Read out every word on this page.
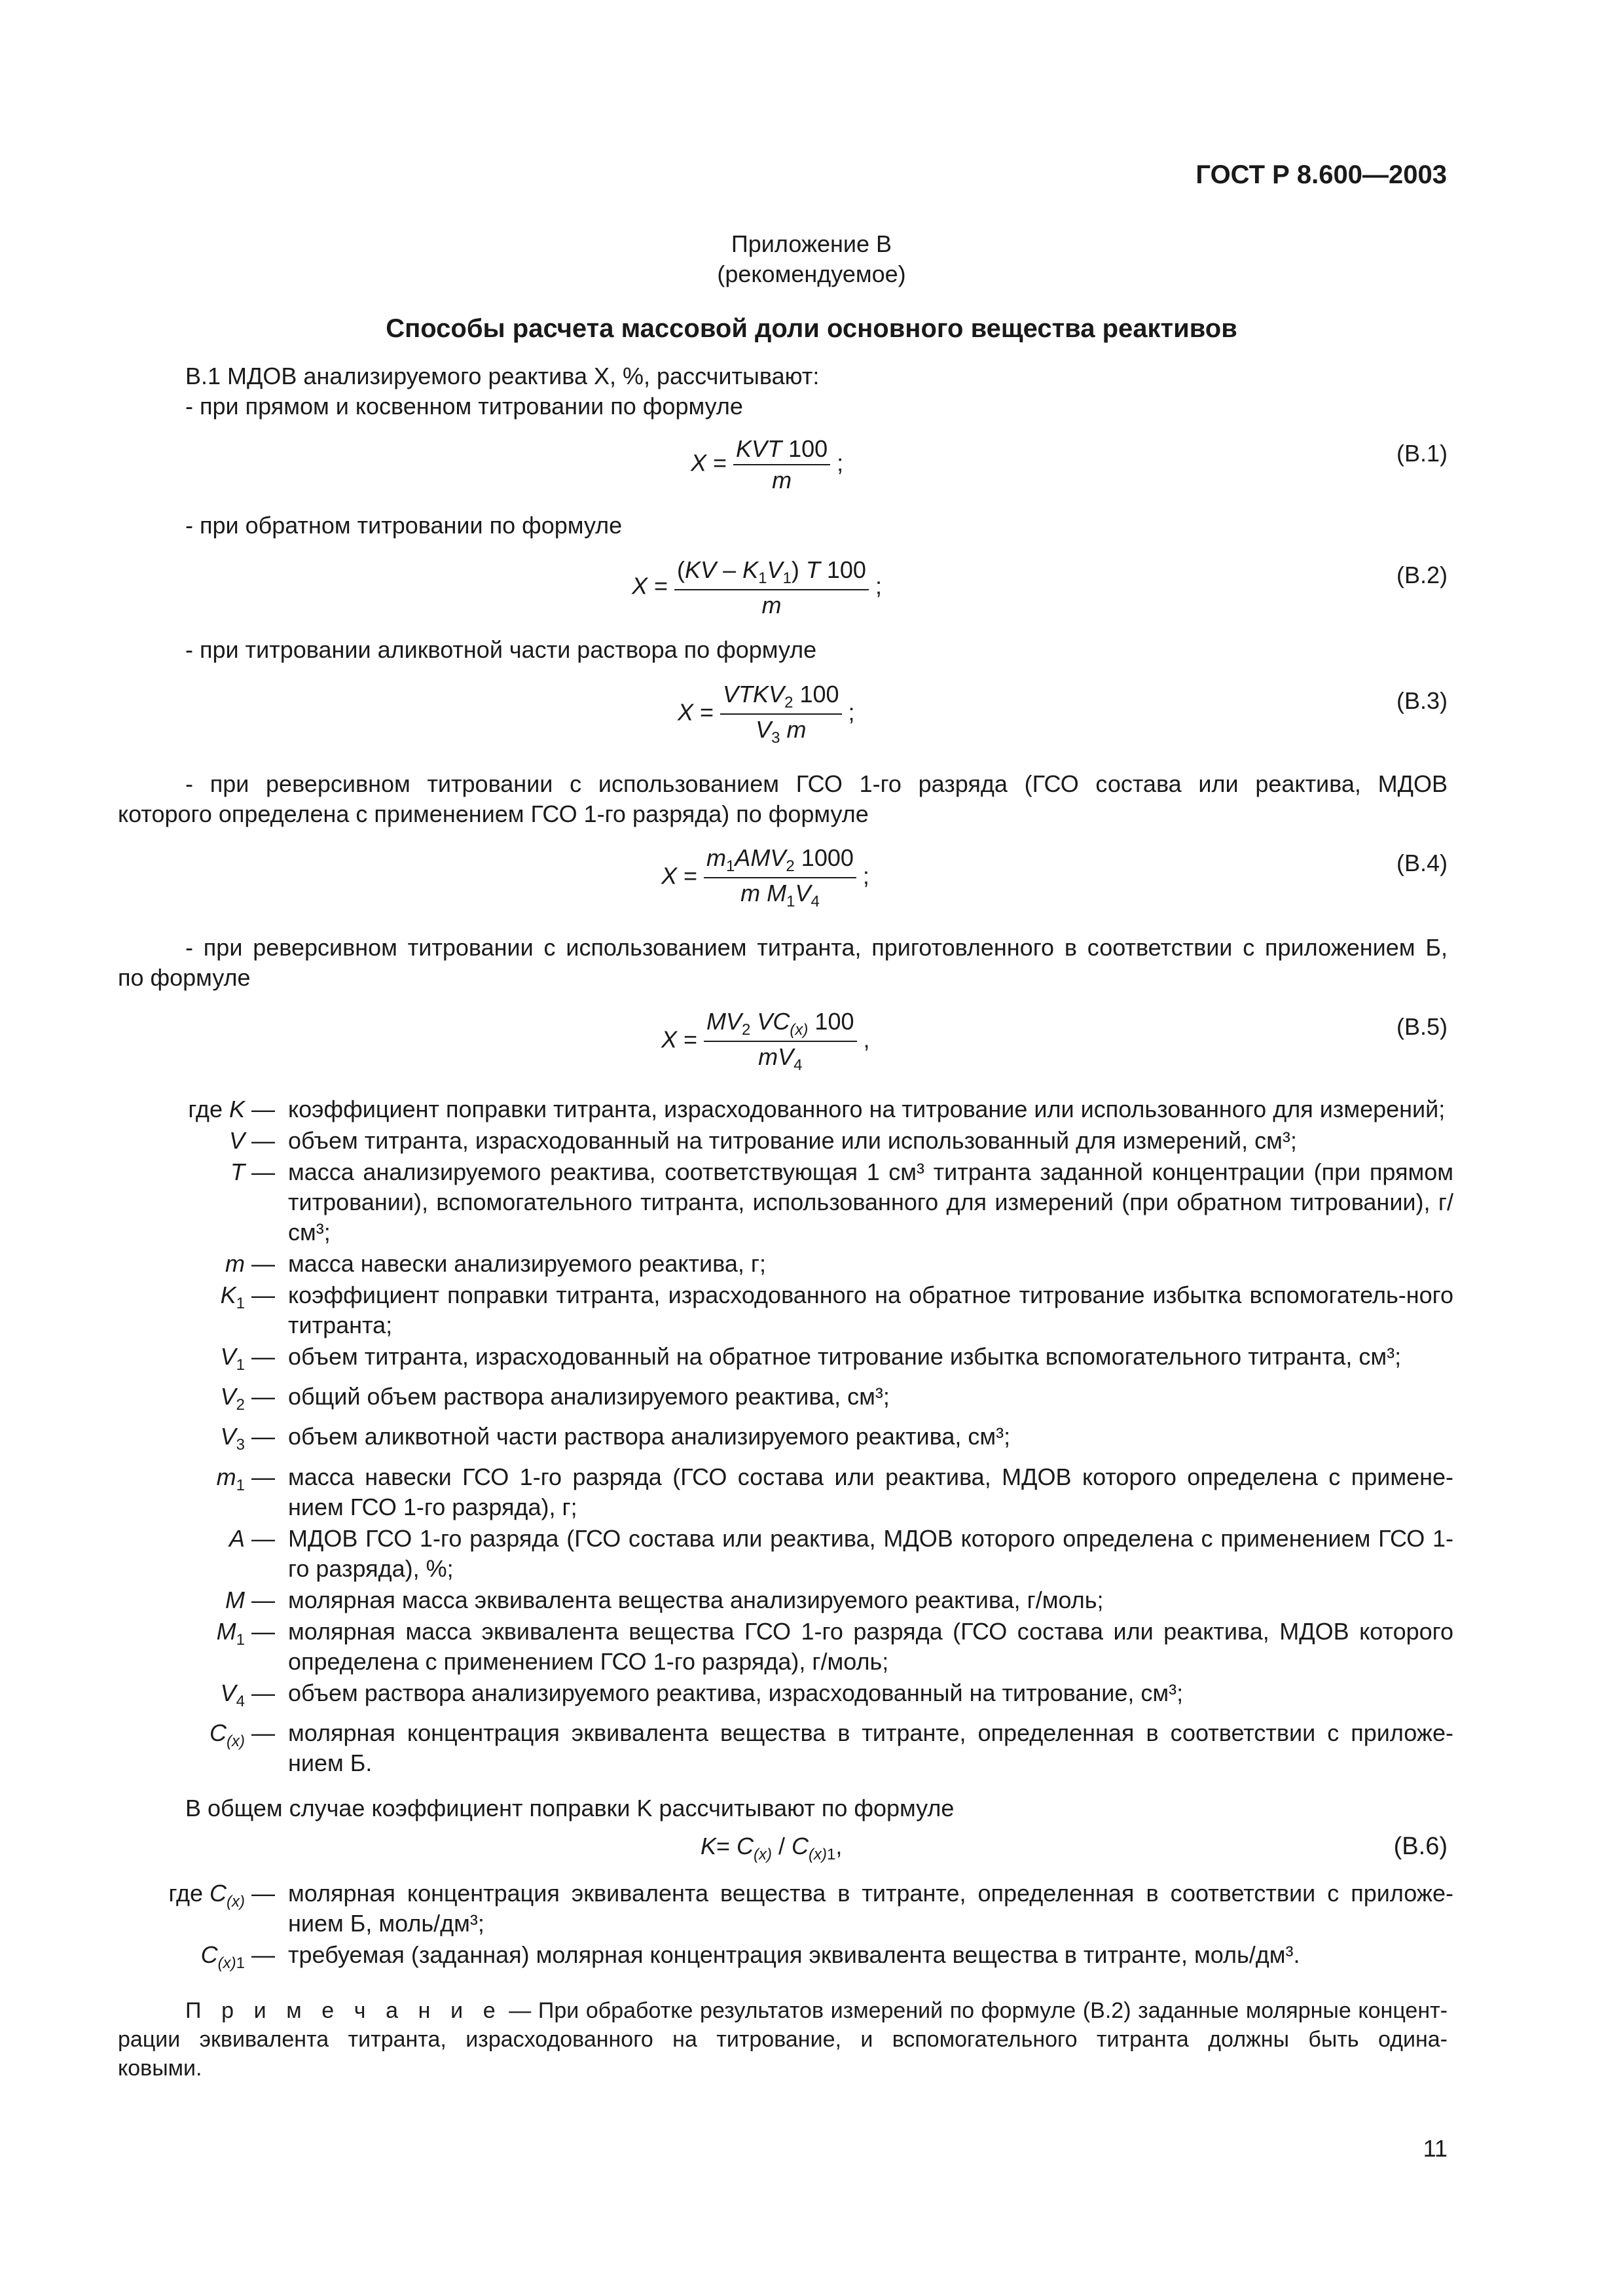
ГОСТ Р 8.600—2003
Приложение В
(рекомендуемое)
Способы расчета массовой доли основного вещества реактивов
В.1 МДОВ анализируемого реактива X, %, рассчитывают:
- при прямом и косвенном титровании по формуле
$X = \frac{\text{KVT 100}}{m}$ ;	(В.1)
- при обратном титровании по формуле
$X = \frac{(KV - K_1V_1) T 100}{m}$ ;	(В.2)
- при титровании аликвотной части раствора по формуле
$X = \frac{VTKV_2 100}{V_3 m}$ ;	(В.3)
- при реверсивном титровании с использованием ГСО 1-го разряда (ГСО состава или реактива, МДОВ
которого определена с применением ГСО 1-го разряда) по формуле
$X = \frac{m_1AMV_2 1000}{m M_1V_4}$ ;	(В.4)
- при реверсивном титровании с использованием титранта, приготовленного в соответствии с приложением Б,
по формуле
$X = \frac{MV_2 VC_{(x)} 100}{mV_4}$ ,	(В.5)
где K — коэффициент поправки титранта, израсходованного на титрование или использованного для измерений;
V — объем титранта, израсходованный на титрование или использованный для измерений, см³;
T — масса анализируемого реактива, соответствующая 1 см³ титранта заданной концентрации (при прямом титровании), вспомогательного титранта, использованного для измерений (при обратном титровании), г/см³;
m — масса навески анализируемого реактива, г;
$K_1$ — коэффициент поправки титранта, израсходованного на обратное титрование избытка вспомогатель-ного титранта;
$V_1$ — объем титранта, израсходованный на обратное титрование избытка вспомогательного титранта, см³;
$V_2$ — общий объем раствора анализируемого реактива, см³;
$V_3$ — объем аликвотной части раствора анализируемого реактива, см³;
$m_1$ — масса навески ГСО 1-го разряда (ГСО состава или реактива, МДОВ которого определена с примене-нием ГСО 1-го разряда), г;
A — МДОВ ГСО 1-го разряда (ГСО состава или реактива, МДОВ которого определена с применением ГСО 1-го разряда), %;
M — молярная масса эквивалента вещества анализируемого реактива, г/моль;
$M_1$ — молярная масса эквивалента вещества ГСО 1-го разряда (ГСО состава или реактива, МДОВ которого определена с применением ГСО 1-го разряда), г/моль;
$V_4$ — объем раствора анализируемого реактива, израсходованный на титрование, см³;
$C_{(x)}$ — молярная концентрация эквивалента вещества в титранте, определенная в соответствии с приложе-нием Б.
В общем случае коэффициент поправки K рассчитывают по формуле
$K= C_{(x)} / C_{(x)1}$,	(В.6)
где $C_{(x)}$ — молярная концентрация эквивалента вещества в титранте, определенная в соответствии с приложе-нием Б, моль/дм³;
$C_{(x)1}$ — требуемая (заданная) молярная концентрация эквивалента вещества в титранте, моль/дм³.
П р и м е ч а н и е — При обработке результатов измерений по формуле (В.2) заданные молярные концент-
рации эквивалента титранта, израсходованного на титрование, и вспомогательного титранта должны быть одина-
ковыми.
11
